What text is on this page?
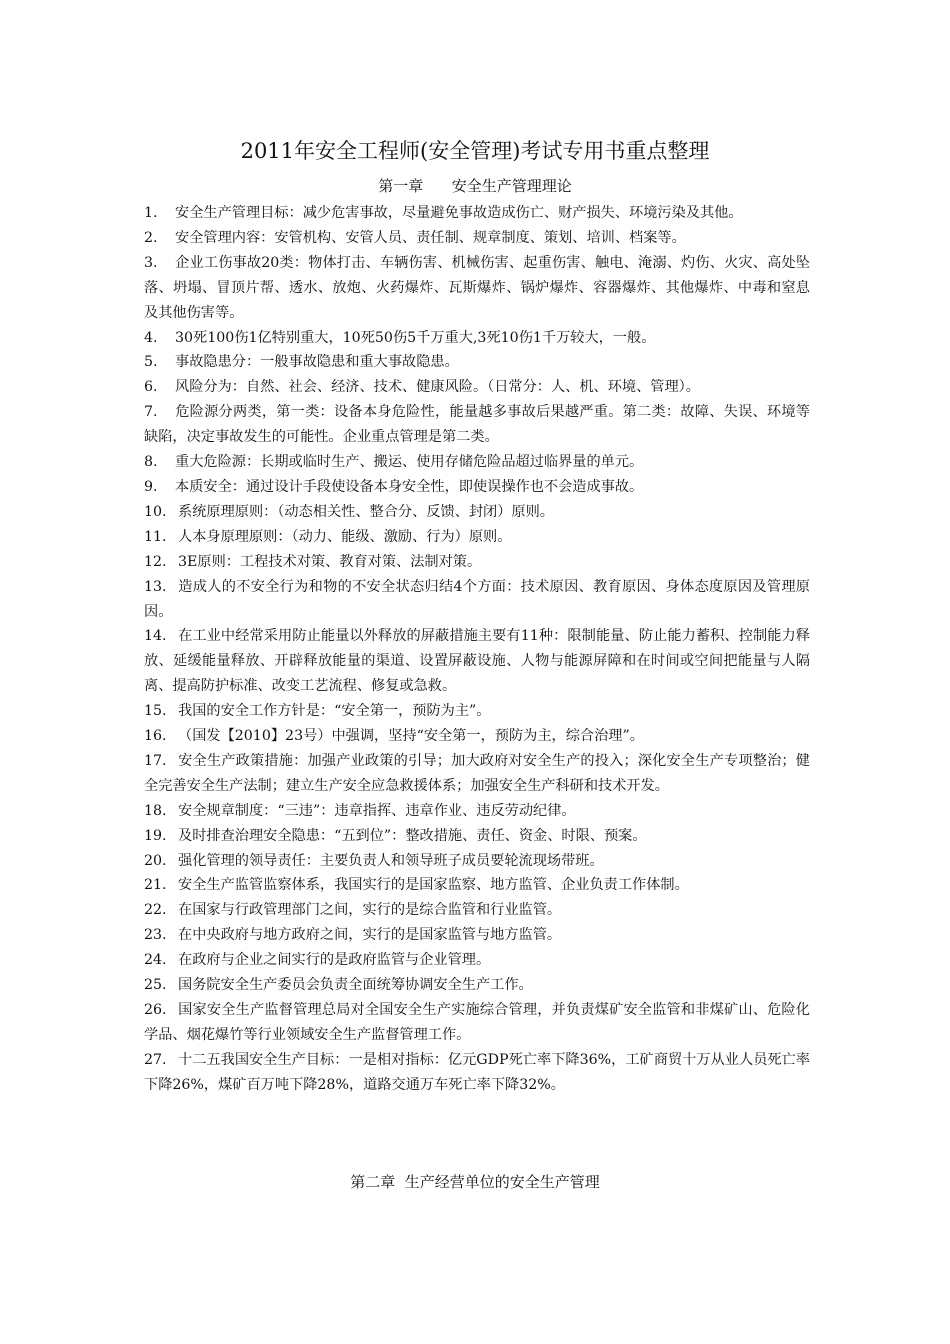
2011年安全工程师(安全管理)考试专用书重点整理
第一章      安全生产管理理论
1. 安全生产管理目标：减少危害事故，尽量避免事故造成伤亡、财产损失、环境污染及其他。
2. 安全管理内容：安管机构、安管人员、责任制、规章制度、策划、培训、档案等。
3. 企业工伤事故20类：物体打击、车辆伤害、机械伤害、起重伤害、触电、淹溺、灼伤、火灾、高处坠落、坍塌、冒顶片帮、透水、放炮、火药爆炸、瓦斯爆炸、锅炉爆炸、容器爆炸、其他爆炸、中毒和窒息及其他伤害等。
4. 30死100伤1亿特别重大，10死50伤5千万重大,3死10伤1千万较大，一般。
5. 事故隐患分：一般事故隐患和重大事故隐患。
6. 风险分为：自然、社会、经济、技术、健康风险。（日常分：人、机、环境、管理）。
7. 危险源分两类，第一类：设备本身危险性，能量越多事故后果越严重。第二类：故障、失误、环境等缺陷，决定事故发生的可能性。企业重点管理是第二类。
8. 重大危险源：长期或临时生产、搬运、使用存储危险品超过临界量的单元。
9. 本质安全：通过设计手段使设备本身安全性，即使误操作也不会造成事故。
10. 系统原理原则：（动态相关性、整合分、反馈、封闭）原则。
11. 人本身原理原则：（动力、能级、激励、行为）原则。
12. 3E原则：工程技术对策、教育对策、法制对策。
13. 造成人的不安全行为和物的不安全状态归结4个方面：技术原因、教育原因、身体态度原因及管理原因。
14. 在工业中经常采用防止能量以外释放的屏蔽措施主要有11种：限制能量、防止能力蓄积、控制能力释放、延缓能量释放、开辟释放能量的渠道、设置屏蔽设施、人物与能源屏障和在时间或空间把能量与人隔离、提高防护标准、改变工艺流程、修复或急救。
15. 我国的安全工作方针是：“安全第一，预防为主”。
16. （国发【2010】23号）中强调，坚持“安全第一，预防为主，综合治理”。
17. 安全生产政策措施：加强产业政策的引导；加大政府对安全生产的投入；深化安全生产专项整治；健全完善安全生产法制；建立生产安全应急救援体系；加强安全生产科研和技术开发。
18. 安全规章制度：“三违”：违章指挥、违章作业、违反劳动纪律。
19. 及时排查治理安全隐患：“五到位”：整改措施、责任、资金、时限、预案。
20. 强化管理的领导责任：主要负责人和领导班子成员要轮流现场带班。
21. 安全生产监管监察体系，我国实行的是国家监察、地方监管、企业负责工作体制。
22. 在国家与行政管理部门之间，实行的是综合监管和行业监管。
23. 在中央政府与地方政府之间，实行的是国家监管与地方监管。
24. 在政府与企业之间实行的是政府监管与企业管理。
25. 国务院安全生产委员会负责全面统筹协调安全生产工作。
26. 国家安全生产监督管理总局对全国安全生产实施综合管理，并负责煤矿安全监管和非煤矿山、危险化学品、烟花爆竹等行业领域安全生产监督管理工作。
27. 十二五我国安全生产目标：一是相对指标：亿元GDP死亡率下降36%，工矿商贸十万从业人员死亡率下降26%，煤矿百万吨下降28%，道路交通万车死亡率下降32%。
第二章  生产经营单位的安全生产管理
